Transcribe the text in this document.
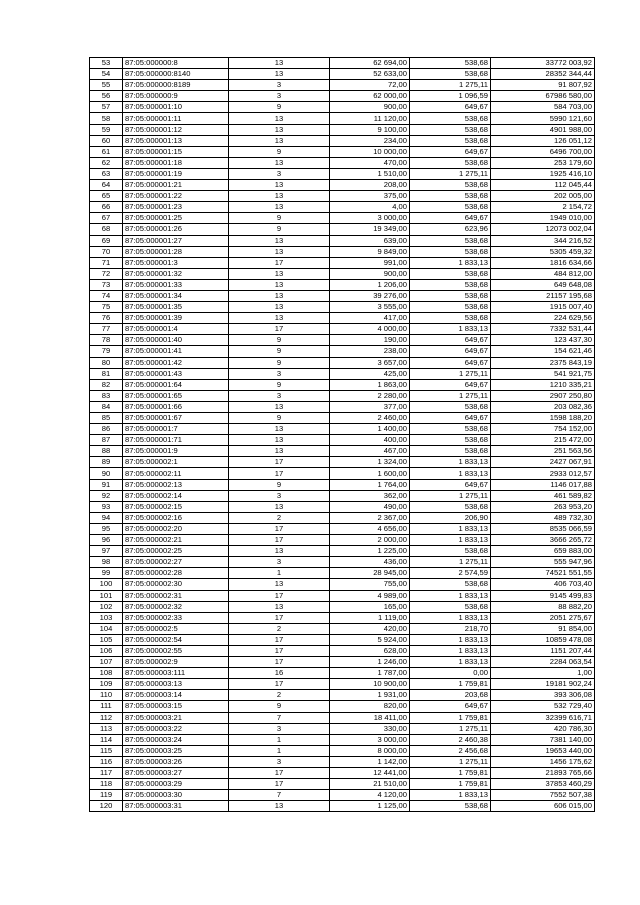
53	87:05:000000:8	13	62 694,00	538,68	33772 003,92
54	87:05:000000:8140	13	52 633,00	538,68	28352 344,44
55	87:05:000000:8189	3	72,00	1 275,11	91 807,92
56	87:05:000000:9	3	62 000,00	1 096,59	67986 580,00
57	87:05:000001:10	9	900,00	649,67	584 703,00
58	87:05:000001:11	13	11 120,00	538,68	5990 121,60
59	87:05:000001:12	13	9 100,00	538,68	4901 988,00
60	87:05:000001:13	13	234,00	538,68	126 051,12
61	87:05:000001:15	9	10 000,00	649,67	6496 700,00
62	87:05:000001:18	13	470,00	538,68	253 179,60
63	87:05:000001:19	3	1 510,00	1 275,11	1925 416,10
64	87:05:000001:21	13	208,00	538,68	112 045,44
65	87:05:000001:22	13	375,00	538,68	202 005,00
66	87:05:000001:23	13	4,00	538,68	2 154,72
67	87:05:000001:25	9	3 000,00	649,67	1949 010,00
68	87:05:000001:26	9	19 349,00	623,96	12073 002,04
69	87:05:000001:27	13	639,00	538,68	344 216,52
70	87:05:000001:28	13	9 849,00	538,68	5305 459,32
71	87:05:000001:3	17	991,00	1 833,13	1816 634,66
72	87:05:000001:32	13	900,00	538,68	484 812,00
73	87:05:000001:33	13	1 206,00	538,68	649 648,08
74	87:05:000001:34	13	39 276,00	538,68	21157 195,68
75	87:05:000001:35	13	3 555,00	538,68	1915 007,40
76	87:05:000001:39	13	417,00	538,68	224 629,56
77	87:05:000001:4	17	4 000,00	1 833,13	7332 531,44
78	87:05:000001:40	9	190,00	649,67	123 437,30
79	87:05:000001:41	9	238,00	649,67	154 621,46
80	87:05:000001:42	9	3 657,00	649,67	2375 843,19
81	87:05:000001:43	3	425,00	1 275,11	541 921,75
82	87:05:000001:64	9	1 863,00	649,67	1210 335,21
83	87:05:000001:65	3	2 280,00	1 275,11	2907 250,80
84	87:05:000001:66	13	377,00	538,68	203 082,36
85	87:05:000001:67	9	2 460,00	649,67	1598 188,20
86	87:05:000001:7	13	1 400,00	538,68	754 152,00
87	87:05:000001:71	13	400,00	538,68	215 472,00
88	87:05:000001:9	13	467,00	538,68	251 563,56
89	87:05:000002:1	17	1 324,00	1 833,13	2427 067,91
90	87:05:000002:11	17	1 600,00	1 833,13	2933 012,57
91	87:05:000002:13	9	1 764,00	649,67	1146 017,88
92	87:05:000002:14	3	362,00	1 275,11	461 589,82
93	87:05:000002:15	13	490,00	538,68	263 953,20
94	87:05:000002:16	2	2 367,00	206,90	489 732,30
95	87:05:000002:20	17	4 656,00	1 833,13	8535 066,59
96	87:05:000002:21	17	2 000,00	1 833,13	3666 265,72
97	87:05:000002:25	13	1 225,00	538,68	659 883,00
98	87:05:000002:27	3	436,00	1 275,11	555 947,96
99	87:05:000002:28	1	28 945,00	2 574,59	74521 551,55
100	87:05:000002:30	13	755,00	538,68	406 703,40
101	87:05:000002:31	17	4 989,00	1 833,13	9145 499,83
102	87:05:000002:32	13	165,00	538,68	88 882,20
103	87:05:000002:33	17	1 119,00	1 833,13	2051 275,67
104	87:05:000002:5	2	420,00	218,70	91 854,00
105	87:05:000002:54	17	5 924,00	1 833,13	10859 478,08
106	87:05:000002:55	17	628,00	1 833,13	1151 207,44
107	87:05:000002:9	17	1 246,00	1 833,13	2284 063,54
108	87:05:000003:111	16	1 787,00	0,00	1,00
109	87:05:000003:13	17	10 900,00	1 759,81	19181 902,24
110	87:05:000003:14	2	1 931,00	203,68	393 306,08
111	87:05:000003:15	9	820,00	649,67	532 729,40
112	87:05:000003:21	7	18 411,00	1 759,81	32399 616,71
113	87:05:000003:22	3	330,00	1 275,11	420 786,30
114	87:05:000003:24	1	3 000,00	2 460,38	7381 140,00
115	87:05:000003:25	1	8 000,00	2 456,68	19653 440,00
116	87:05:000003:26	3	1 142,00	1 275,11	1456 175,62
117	87:05:000003:27	17	12 441,00	1 759,81	21893 765,66
118	87:05:000003:29	17	21 510,00	1 759,81	37853 460,29
119	87:05:000003:30	7	4 120,00	1 833,13	7552 507,38
120	87:05:000003:31	13	1 125,00	538,68	606 015,00
